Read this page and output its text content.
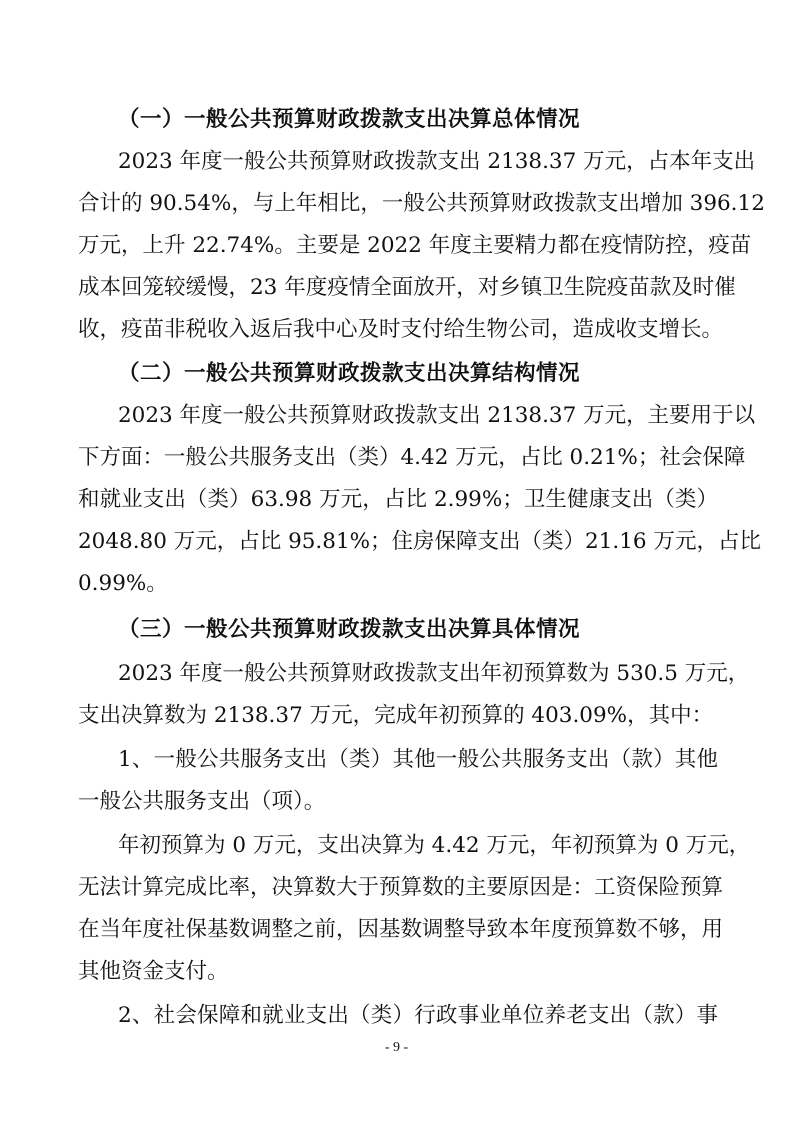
（一）一般公共预算财政拨款支出决算总体情况
2023 年度一般公共预算财政拨款支出 2138.37 万元，占本年支出
合计的 90.54%，与上年相比，一般公共预算财政拨款支出增加 396.12
万元，上升 22.74%。主要是 2022 年度主要精力都在疫情防控，疫苗
成本回笼较缓慢，23 年度疫情全面放开，对乡镇卫生院疫苗款及时催
收，疫苗非税收入返后我中心及时支付给生物公司，造成收支增长。
（二）一般公共预算财政拨款支出决算结构情况
2023 年度一般公共预算财政拨款支出 2138.37 万元，主要用于以
下方面：一般公共服务支出（类）4.42 万元，占比 0.21%；社会保障
和就业支出（类）63.98 万元，占比 2.99%；卫生健康支出（类）
2048.80 万元，占比 95.81%；住房保障支出（类）21.16 万元，占比
0.99%。
（三）一般公共预算财政拨款支出决算具体情况
2023 年度一般公共预算财政拨款支出年初预算数为 530.5 万元，
支出决算数为 2138.37 万元，完成年初预算的 403.09%，其中：
1、一般公共服务支出（类）其他一般公共服务支出（款）其他
一般公共服务支出（项）。
年初预算为 0 万元，支出决算为 4.42 万元，年初预算为 0 万元，
无法计算完成比率，决算数大于预算数的主要原因是：工资保险预算
在当年度社保基数调整之前，因基数调整导致本年度预算数不够，用
其他资金支付。
2、社会保障和就业支出（类）行政事业单位养老支出（款）事
- 9 -
